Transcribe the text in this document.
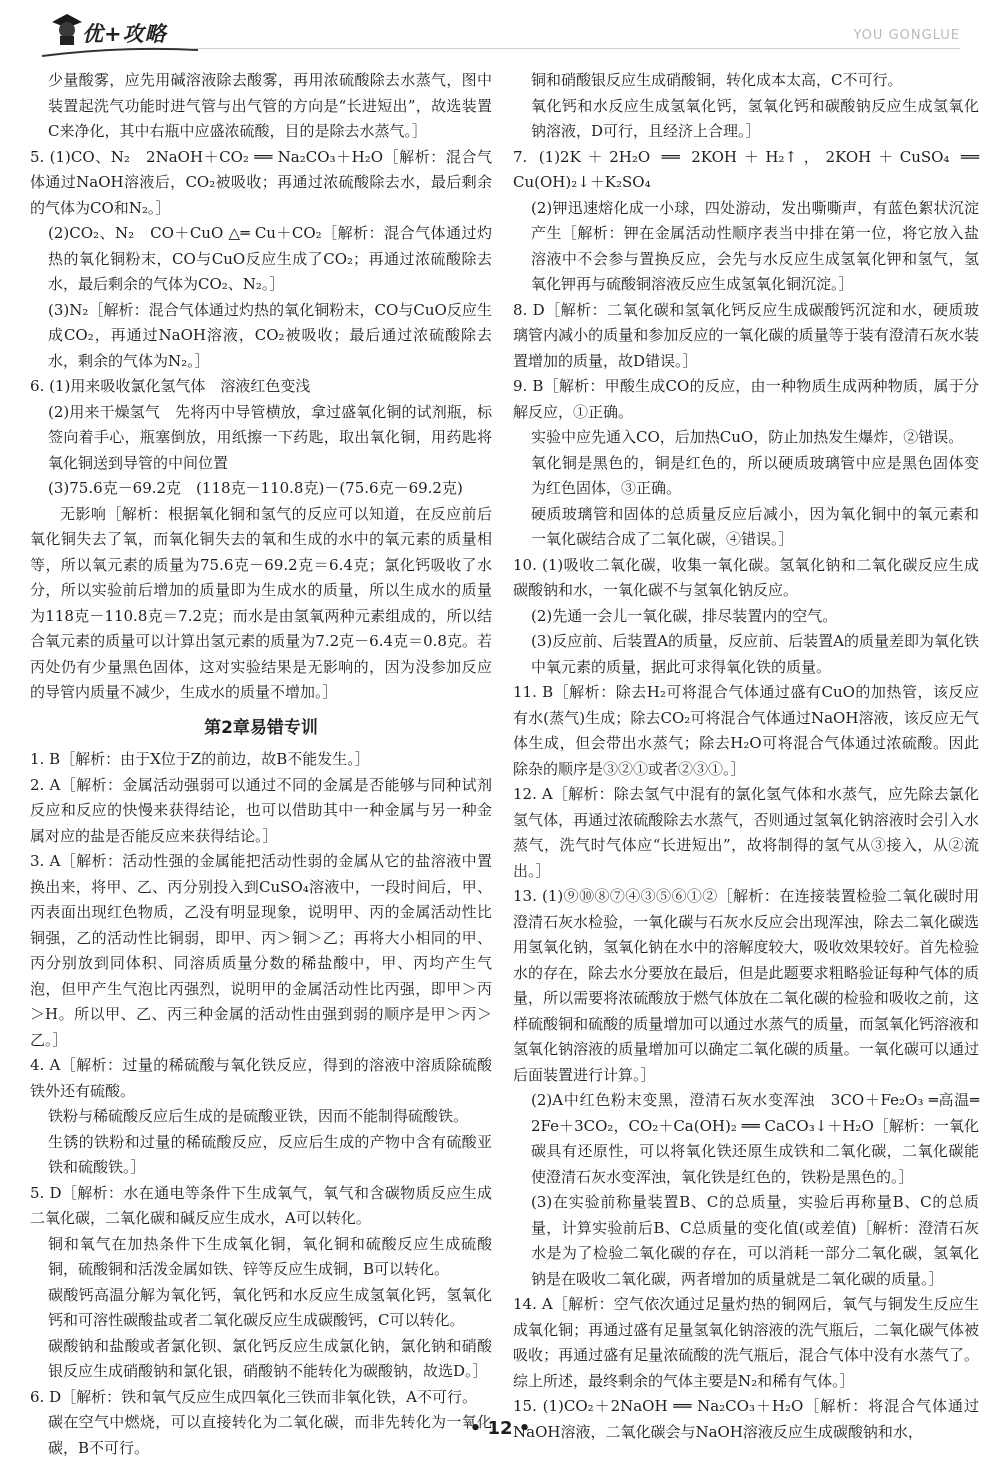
优+攻略	YOU GONGLUE

少量酸雾，应先用碱溶液除去酸雾，再用浓硫酸除去水蒸气，图中装置起洗气功能时进气管与出气管的方向是“长进短出”，故选装置C来净化，其中右瓶中应盛浓硫酸，目的是除去水蒸气。］

5. (1)CO、N₂　2NaOH＋CO₂ ══ Na₂CO₃＋H₂O［解析：混合气体通过NaOH溶液后，CO₂被吸收；再通过浓硫酸除去水，最后剩余的气体为CO和N₂。］

(2)CO₂、N₂　CO＋CuO △═ Cu＋CO₂［解析：混合气体通过灼热的氧化铜粉末，CO与CuO反应生成了CO₂；再通过浓硫酸除去水，最后剩余的气体为CO₂、N₂。］

(3)N₂［解析：混合气体通过灼热的氧化铜粉末，CO与CuO反应生成CO₂，再通过NaOH溶液，CO₂被吸收；最后通过浓硫酸除去水，剩余的气体为N₂。］

6. (1)用来吸收氯化氢气体　溶液红色变浅

(2)用来干燥氢气　先将丙中导管横放，拿过盛氧化铜的试剂瓶，标签向着手心，瓶塞倒放，用纸擦一下药匙，取出氧化铜，用药匙将氧化铜送到导管的中间位置

(3)75.6克－69.2克　(118克－110.8克)－(75.6克－69.2克)

无影响［解析：根据氧化铜和氢气的反应可以知道，在反应前后氧化铜失去了氧，而氧化铜失去的氧和生成的水中的氧元素的质量相等，所以氧元素的质量为75.6克－69.2克＝6.4克；氯化钙吸收了水分，所以实验前后增加的质量即为生成水的质量，所以生成水的质量为118克－110.8克＝7.2克；而水是由氢氧两种元素组成的，所以结合氧元素的质量可以计算出氢元素的质量为7.2克－6.4克＝0.8克。若丙处仍有少量黑色固体，这对实验结果是无影响的，因为没参加反应的导管内质量不减少，生成水的质量不增加。］

第2章易错专训

1. B［解析：由于X位于Z的前边，故B不能发生。］

2. A［解析：金属活动强弱可以通过不同的金属是否能够与同种试剂反应和反应的快慢来获得结论，也可以借助其中一种金属与另一种金属对应的盐是否能反应来获得结论。］

3. A［解析：活动性强的金属能把活动性弱的金属从它的盐溶液中置换出来，将甲、乙、丙分别投入到CuSO₄溶液中，一段时间后，甲、丙表面出现红色物质，乙没有明显现象，说明甲、丙的金属活动性比铜强，乙的活动性比铜弱，即甲、丙＞铜＞乙；再将大小相同的甲、丙分别放到同体积、同溶质质量分数的稀盐酸中，甲、丙均产生气泡，但甲产生气泡比丙强烈，说明甲的金属活动性比丙强，即甲＞丙＞H。所以甲、乙、丙三种金属的活动性由强到弱的顺序是甲＞丙＞乙。］

4. A［解析：过量的稀硫酸与氧化铁反应，得到的溶液中溶质除硫酸铁外还有硫酸。

铁粉与稀硫酸反应后生成的是硫酸亚铁，因而不能制得硫酸铁。

生锈的铁粉和过量的稀硫酸反应，反应后生成的产物中含有硫酸亚铁和硫酸铁。］

5. D［解析：水在通电等条件下生成氧气，氧气和含碳物质反应生成二氧化碳，二氧化碳和碱反应生成水，A可以转化。

铜和氧气在加热条件下生成氧化铜，氧化铜和硫酸反应生成硫酸铜，硫酸铜和活泼金属如铁、锌等反应生成铜，B可以转化。

碳酸钙高温分解为氧化钙，氧化钙和水反应生成氢氧化钙，氢氧化钙和可溶性碳酸盐或者二氧化碳反应生成碳酸钙，C可以转化。

碳酸钠和盐酸或者氯化钡、氯化钙反应生成氯化钠，氯化钠和硝酸银反应生成硝酸钠和氯化银，硝酸钠不能转化为碳酸钠，故选D。］

6. D［解析：铁和氧气反应生成四氧化三铁而非氧化铁，A不可行。

碳在空气中燃烧，可以直接转化为二氧化碳，而非先转化为一氧化碳，B不可行。

铜和硝酸银反应生成硝酸铜，转化成本太高，C不可行。

氧化钙和水反应生成氢氧化钙，氢氧化钙和碳酸钠反应生成氢氧化钠溶液，D可行，且经济上合理。］

7. (1)2K＋2H₂O ══ 2KOH＋H₂↑，2KOH＋CuSO₄ ══ Cu(OH)₂↓＋K₂SO₄

(2)钾迅速熔化成一小球，四处游动，发出嘶嘶声，有蓝色絮状沉淀产生［解析：钾在金属活动性顺序表当中排在第一位，将它放入盐溶液中不会参与置换反应，会先与水反应生成氢氧化钾和氢气，氢氧化钾再与硫酸铜溶液反应生成氢氧化铜沉淀。］

8. D［解析：二氧化碳和氢氧化钙反应生成碳酸钙沉淀和水，硬质玻璃管内减小的质量和参加反应的一氧化碳的质量等于装有澄清石灰水装置增加的质量，故D错误。］

9. B［解析：甲酸生成CO的反应，由一种物质生成两种物质，属于分解反应，①正确。

实验中应先通入CO，后加热CuO，防止加热发生爆炸，②错误。

氧化铜是黑色的，铜是红色的，所以硬质玻璃管中应是黑色固体变为红色固体，③正确。

硬质玻璃管和固体的总质量反应后减小，因为氧化铜中的氧元素和一氧化碳结合成了二氧化碳，④错误。］

10. (1)吸收二氧化碳，收集一氧化碳。氢氧化钠和二氧化碳反应生成碳酸钠和水，一氧化碳不与氢氧化钠反应。

(2)先通一会儿一氧化碳，排尽装置内的空气。

(3)反应前、后装置A的质量，反应前、后装置A的质量差即为氧化铁中氧元素的质量，据此可求得氧化铁的质量。

11. B［解析：除去H₂可将混合气体通过盛有CuO的加热管，该反应有水(蒸气)生成；除去CO₂可将混合气体通过NaOH溶液，该反应无气体生成，但会带出水蒸气；除去H₂O可将混合气体通过浓硫酸。因此除杂的顺序是③②①或者②③①。］

12. A［解析：除去氢气中混有的氯化氢气体和水蒸气，应先除去氯化氢气体，再通过浓硫酸除去水蒸气，否则通过氢氧化钠溶液时会引入水蒸气，洗气时气体应“长进短出”，故将制得的氢气从③接入，从②流出。］

13. (1)⑨⑩⑧⑦④③⑤⑥①②［解析：在连接装置检验二氧化碳时用澄清石灰水检验，一氧化碳与石灰水反应会出现浑浊，除去二氧化碳选用氢氧化钠，氢氧化钠在水中的溶解度较大，吸收效果较好。首先检验水的存在，除去水分要放在最后，但是此题要求粗略验证每种气体的质量，所以需要将浓硫酸放于燃气体放在二氧化碳的检验和吸收之前，这样硫酸铜和硫酸的质量增加可以通过水蒸气的质量，而氢氧化钙溶液和氢氧化钠溶液的质量增加可以确定二氧化碳的质量。一氧化碳可以通过后面装置进行计算。］

(2)A中红色粉末变黑，澄清石灰水变浑浊　3CO＋Fe₂O₃ ═高温═ 2Fe＋3CO₂，CO₂＋Ca(OH)₂ ══ CaCO₃↓＋H₂O［解析：一氧化碳具有还原性，可以将氧化铁还原生成铁和二氧化碳，二氧化碳能使澄清石灰水变浑浊，氧化铁是红色的，铁粉是黑色的。］

(3)在实验前称量装置B、C的总质量，实验后再称量B、C的总质量，计算实验前后B、C总质量的变化值(或差值)［解析：澄清石灰水是为了检验二氧化碳的存在，可以消耗一部分二氧化碳，氢氧化钠是在吸收二氧化碳，两者增加的质量就是二氧化碳的质量。］

14. A［解析：空气依次通过足量灼热的铜网后，氧气与铜发生反应生成氧化铜；再通过盛有足量氢氧化钠溶液的洗气瓶后，二氧化碳气体被吸收；再通过盛有足量浓硫酸的洗气瓶后，混合气体中没有水蒸气了。综上所述，最终剩余的气体主要是N₂和稀有气体。］

15. (1)CO₂＋2NaOH ══ Na₂CO₃＋H₂O［解析：将混合气体通过NaOH溶液，二氧化碳会与NaOH溶液反应生成碳酸钠和水，

• 12 •
